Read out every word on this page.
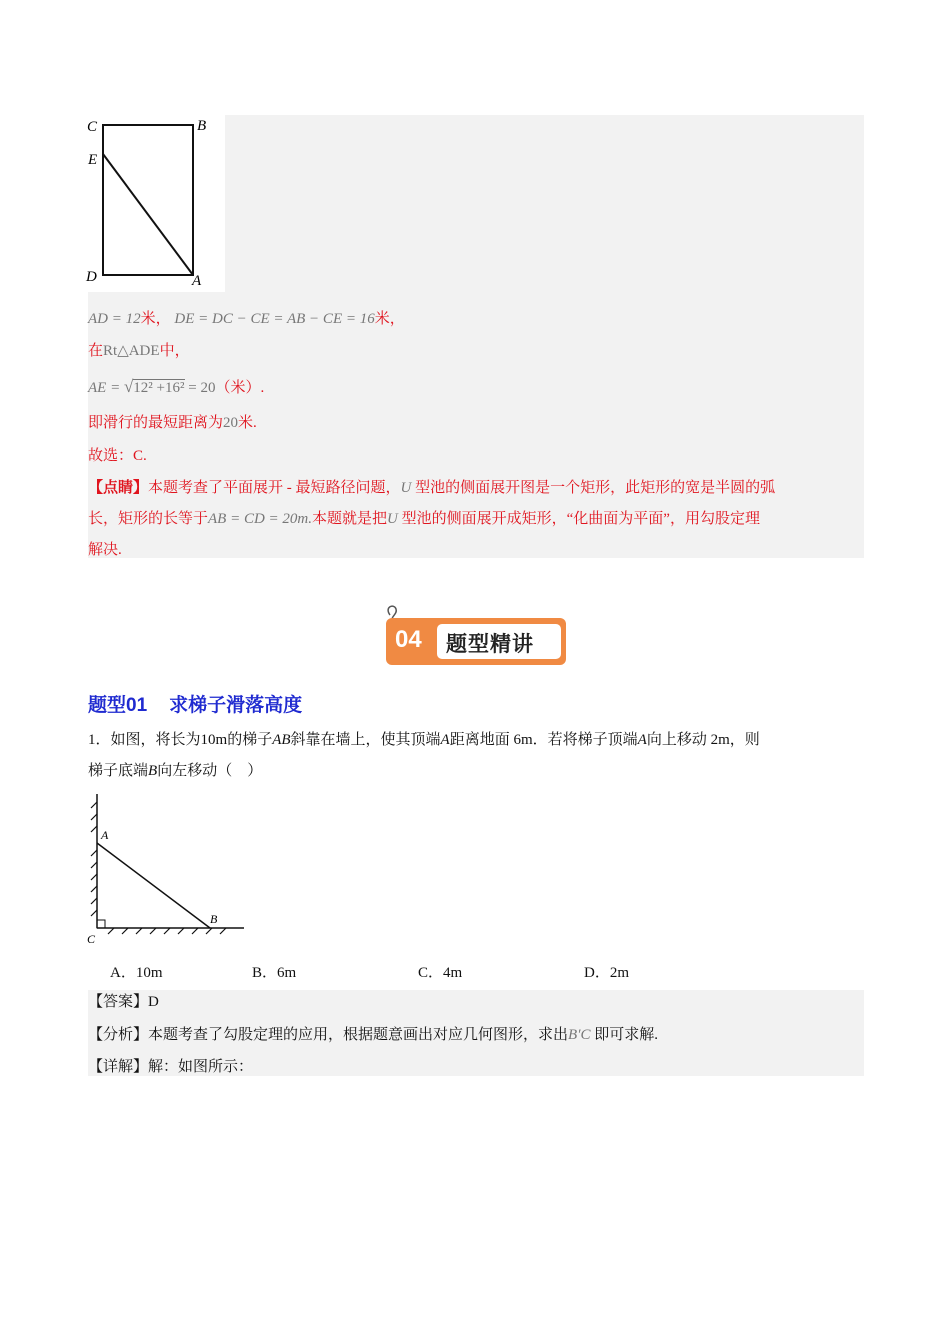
C	B
E
D	A
AD = 12米， DE = DC − CE = AB − CE = 16米，
在Rt△ADE中，
AE = √12² +16² = 20（米）.
即滑行的最短距离为20米.
故选：C.
【点睛】本题考查了平面展开 - 最短路径问题，U 型池的侧面展开图是一个矩形，此矩形的宽是半圆的弧
长，矩形的长等于AB = CD = 20m.本题就是把U 型池的侧面展开成矩形，“化曲面为平面”，用勾股定理
解决.
04 题型精讲
题型01 求梯子滑落高度
1．如图，将长为10m的梯子AB斜靠在墙上，使其顶端A距离地面 6m．若将梯子顶端A向上移动 2m，则
梯子底端B向左移动（　）
A
B
C
A．10m	B．6m	C．4m	D．2m
【答案】D
【分析】本题考查了勾股定理的应用，根据题意画出对应几何图形，求出B′C 即可求解.
【详解】解：如图所示：
